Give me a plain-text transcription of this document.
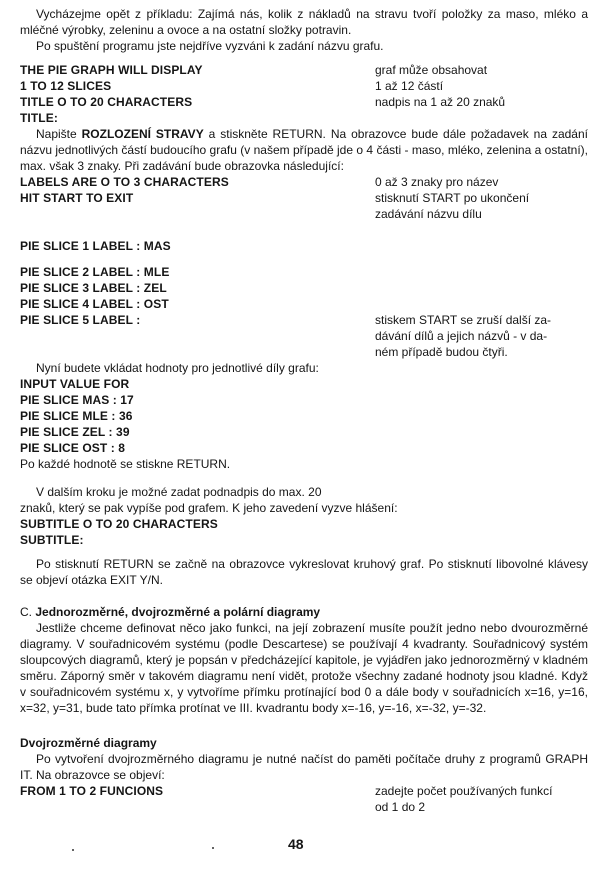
Vycházejme opět z příkladu: Zajímá nás, kolik z nákladů na stravu tvoří položky za maso, mléko a mléčné výrobky, zeleninu a ovoce a na ostatní složky potravin.

Po spuštění programu jste nejdříve vyzváni k zadání názvu grafu.

THE PIE GRAPH WILL DISPLAY	graf může obsahovat
1 TO 12 SLICES	1 až 12 částí
TITLE O TO 20 CHARACTERS	nadpis na 1 až 20 znaků
TITLE:

Napište ROZLOZENÍ STRAVY a stiskněte RETURN. Na obrazovce bude dále požadavek na zadání názvu jednotlivých částí budoucího grafu (v našem případě jde o 4 části - maso, mléko, zelenina a ostatní), max. však 3 znaky. Při zadávání bude obrazovka následující:

LABELS ARE O TO 3 CHARACTERS	0 až 3 znaky pro název
HIT START TO EXIT	stisknutí START po ukončení
zadávání názvu dílu
PIE SLICE 1 LABEL : MAS
PIE SLICE 2 LABEL : MLE
PIE SLICE 3 LABEL : ZEL
PIE SLICE 4 LABEL : OST
PIE SLICE 5 LABEL :	stiskem START se zruší další za-
dávání dílů a jejich názvů - v da-
ném případě budou čtyři.

Nyní budete vkládat hodnoty pro jednotlivé díly grafu:

INPUT VALUE FOR
PIE SLICE MAS : 17
PIE SLICE MLE : 36
PIE SLICE ZEL : 39
PIE SLICE OST : 8

Po každé hodnotě se stiskne RETURN.

V dalším kroku je možné zadat podnadpis do max. 20

znaků, který se pak vypíše pod grafem. K jeho zavedení vyzve hlášení:

SUBTITLE O TO 20 CHARACTERS
SUBTITLE:

Po stisknutí RETURN se začně na obrazovce vykreslovat kruhový graf. Po stisknutí libovolné klávesy se objeví otázka EXIT Y/N.

C. Jednorozměrné, dvojrozměrné a polární diagramy

Jestliže chceme definovat něco jako funkci, na její zobrazení musíte použít jedno nebo dvourozměrné diagramy. V souřadnicovém systému (podle Descartese) se používají 4 kvadranty. Souřadnicový systém sloupcových diagramů, který je popsán v předcházející kapitole, je vyjádřen jako jednorozměrný v kladném směru. Záporný směr v takovém diagramu není vidět, protože všechny zadané hodnoty jsou kladné. Když v souřadnicovém systému x, y vytvoříme přímku protínající bod 0 a dále body v souřadnicích x=16, y=16, x=32, y=31, bude tato přímka protínat ve III. kvadrantu body x=-16, y=-16, x=-32, y=-32.

Dvojrozměrné diagramy

Po vytvoření dvojrozměrného diagramu je nutné načíst do paměti počítače druhy z programů GRAPH IT. Na obrazovce se objeví:

FROM 1 TO 2 FUNCIONS	zadejte počet používaných funkcí
od 1 do 2
48
